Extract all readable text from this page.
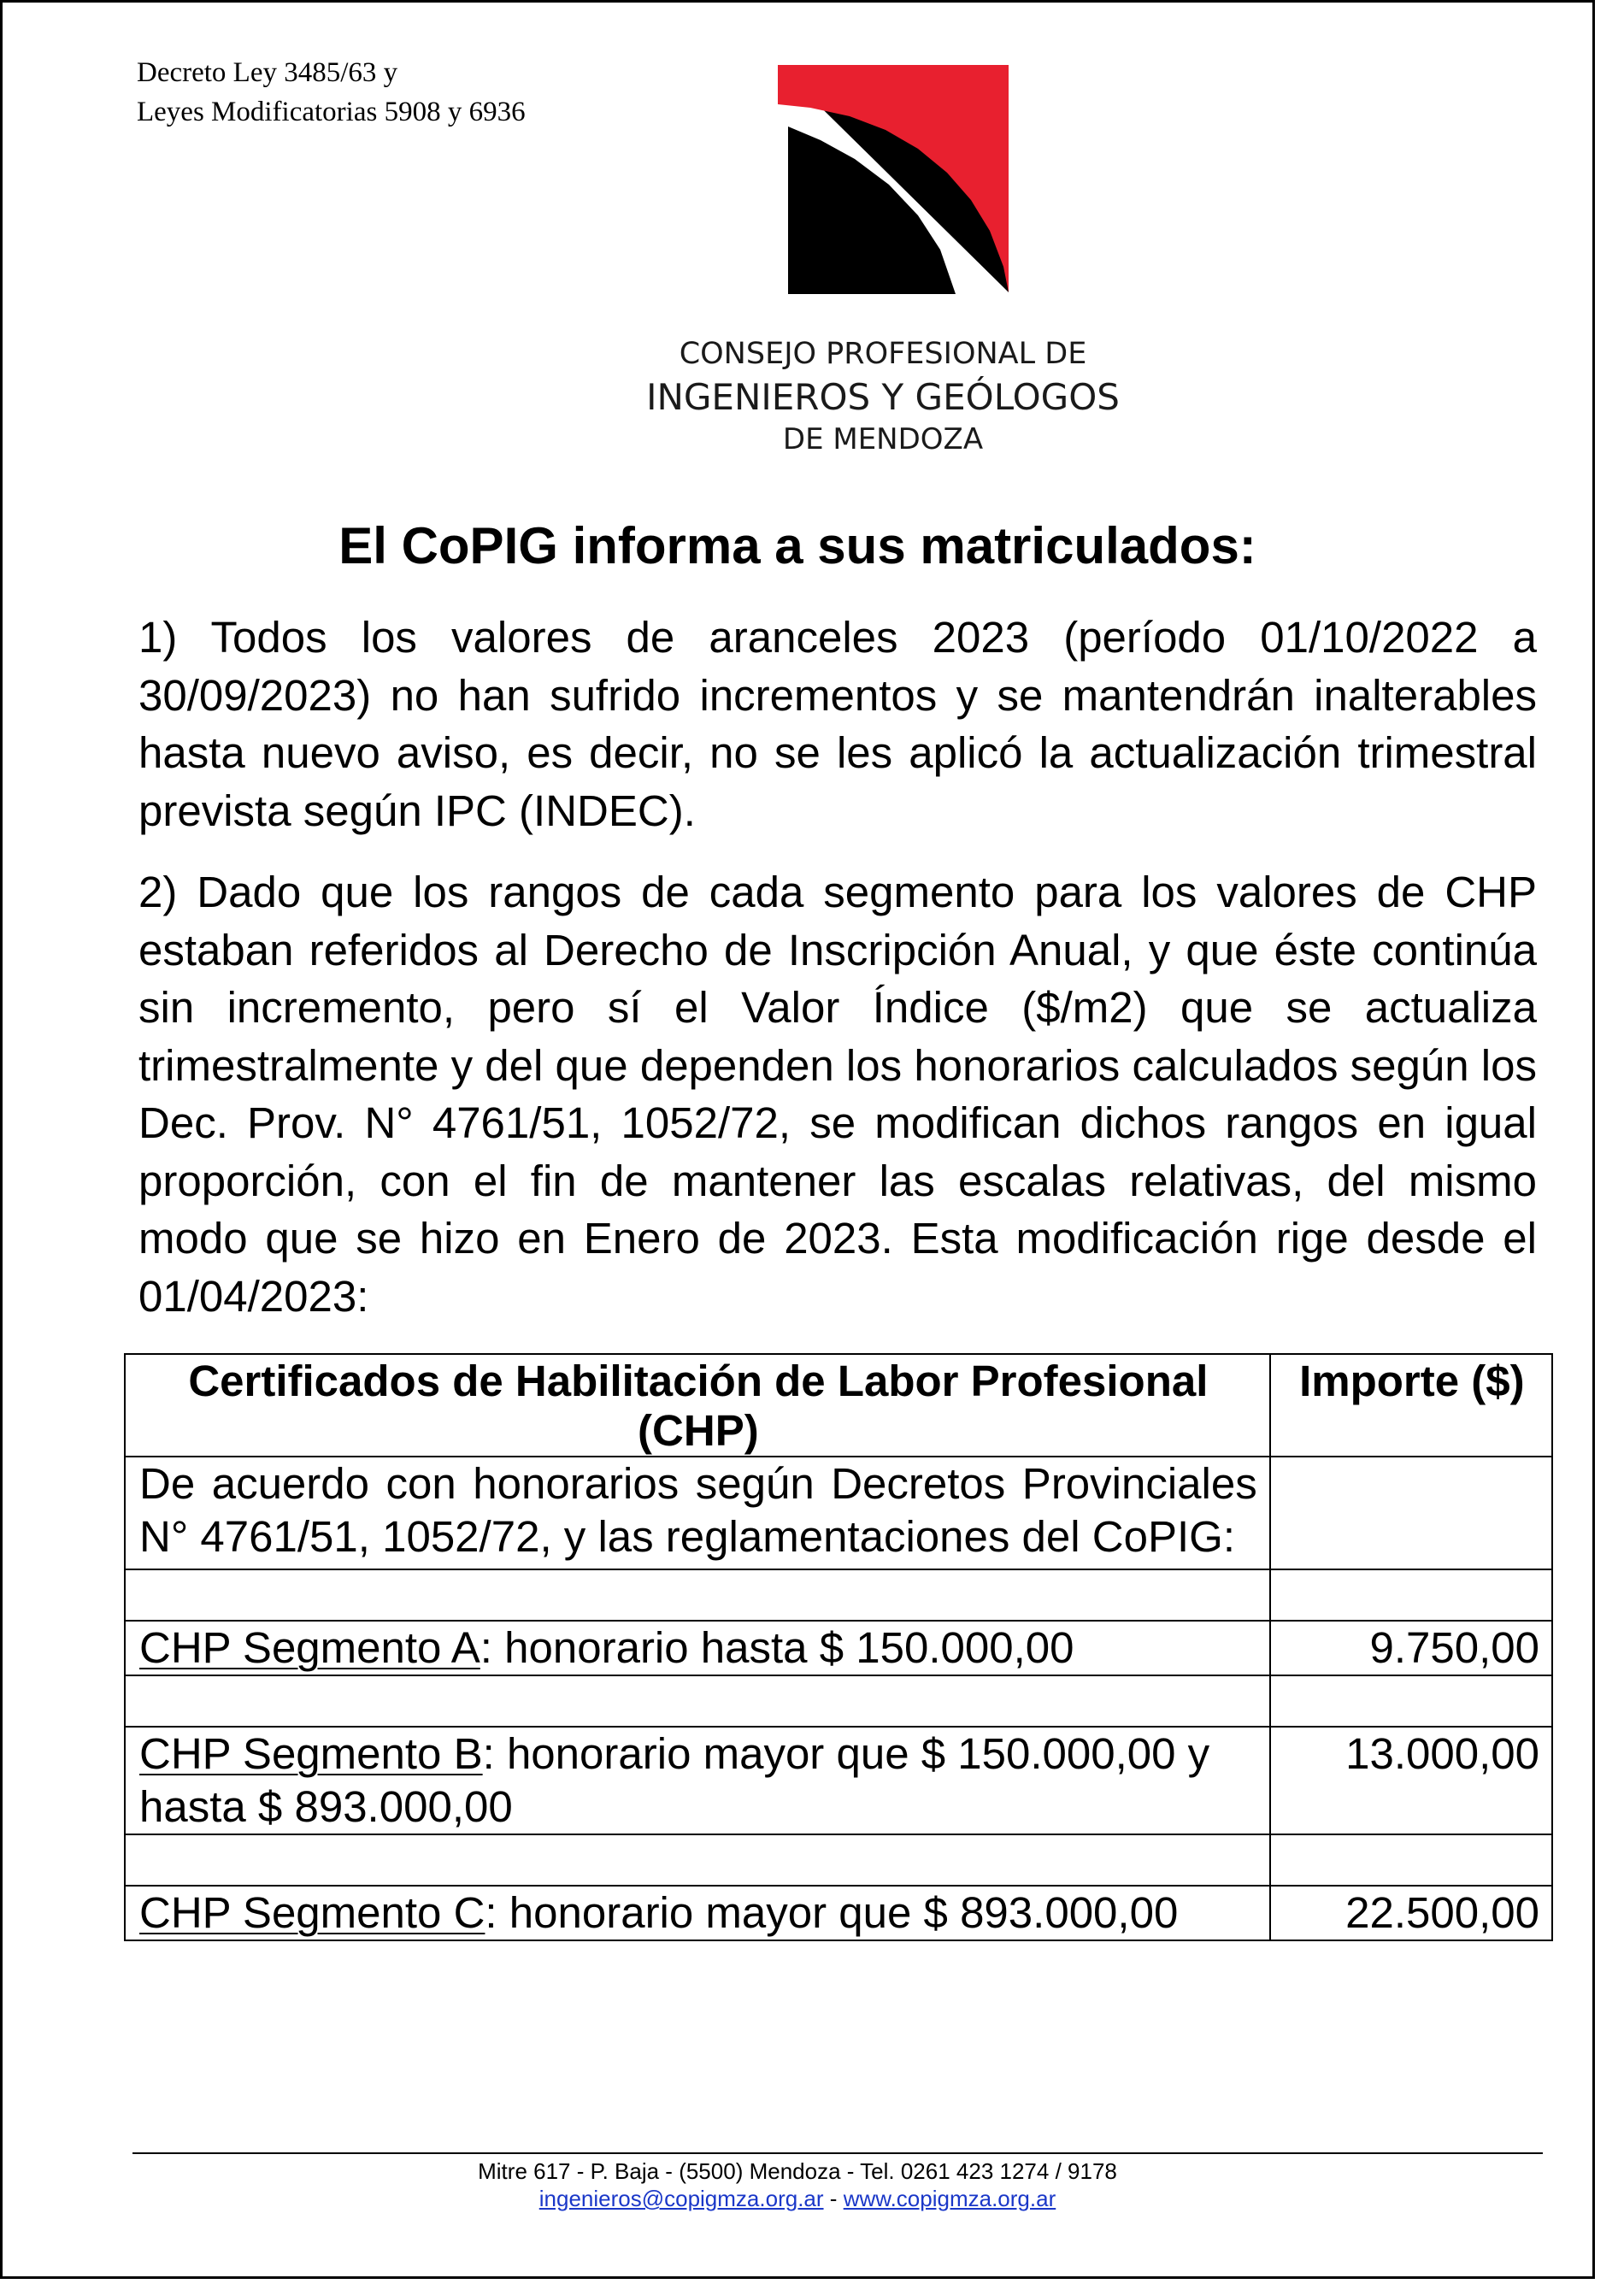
Decreto Ley 3485/63 y
Leyes Modificatorias 5908 y 6936
CONSEJO PROFESIONAL DE
INGENIEROS Y GEÓLOGOS
DE MENDOZA
El CoPIG informa a sus matriculados:

1) Todos los valores de aranceles 2023 (período 01/10/2022 a 30/09/2023) no han sufrido incrementos y se mantendrán inalterables hasta nuevo aviso, es decir, no se les aplicó la actualización trimestral prevista según IPC (INDEC).

2) Dado que los rangos de cada segmento para los valores de CHP estaban referidos al Derecho de Inscripción Anual, y que éste continúa sin incremento, pero sí el Valor Índice ($/m2) que se actualiza trimestralmente y del que dependen los honorarios calculados según los Dec. Prov. N° 4761/51, 1052/72, se modifican dichos rangos en igual proporción, con el fin de mantener las escalas relativas, del mismo modo que se hizo en Enero de 2023. Esta modificación rige desde el 01/04/2023:

Certificados de Habilitación de Labor Profesional (CHP)	Importe ($)
De acuerdo con honorarios según Decretos Provinciales N° 4761/51, 1052/72, y las reglamentaciones del CoPIG:	

CHP Segmento A: honorario hasta $ 150.000,00	9.750,00

CHP Segmento B: honorario mayor que $ 150.000,00 y hasta $ 893.000,00	13.000,00

CHP Segmento C: honorario mayor que $ 893.000,00	22.500,00
Mitre 617 - P. Baja - (5500) Mendoza - Tel. 0261 423 1274 / 9178
ingenieros@copigmza.org.ar - www.copigmza.org.ar
